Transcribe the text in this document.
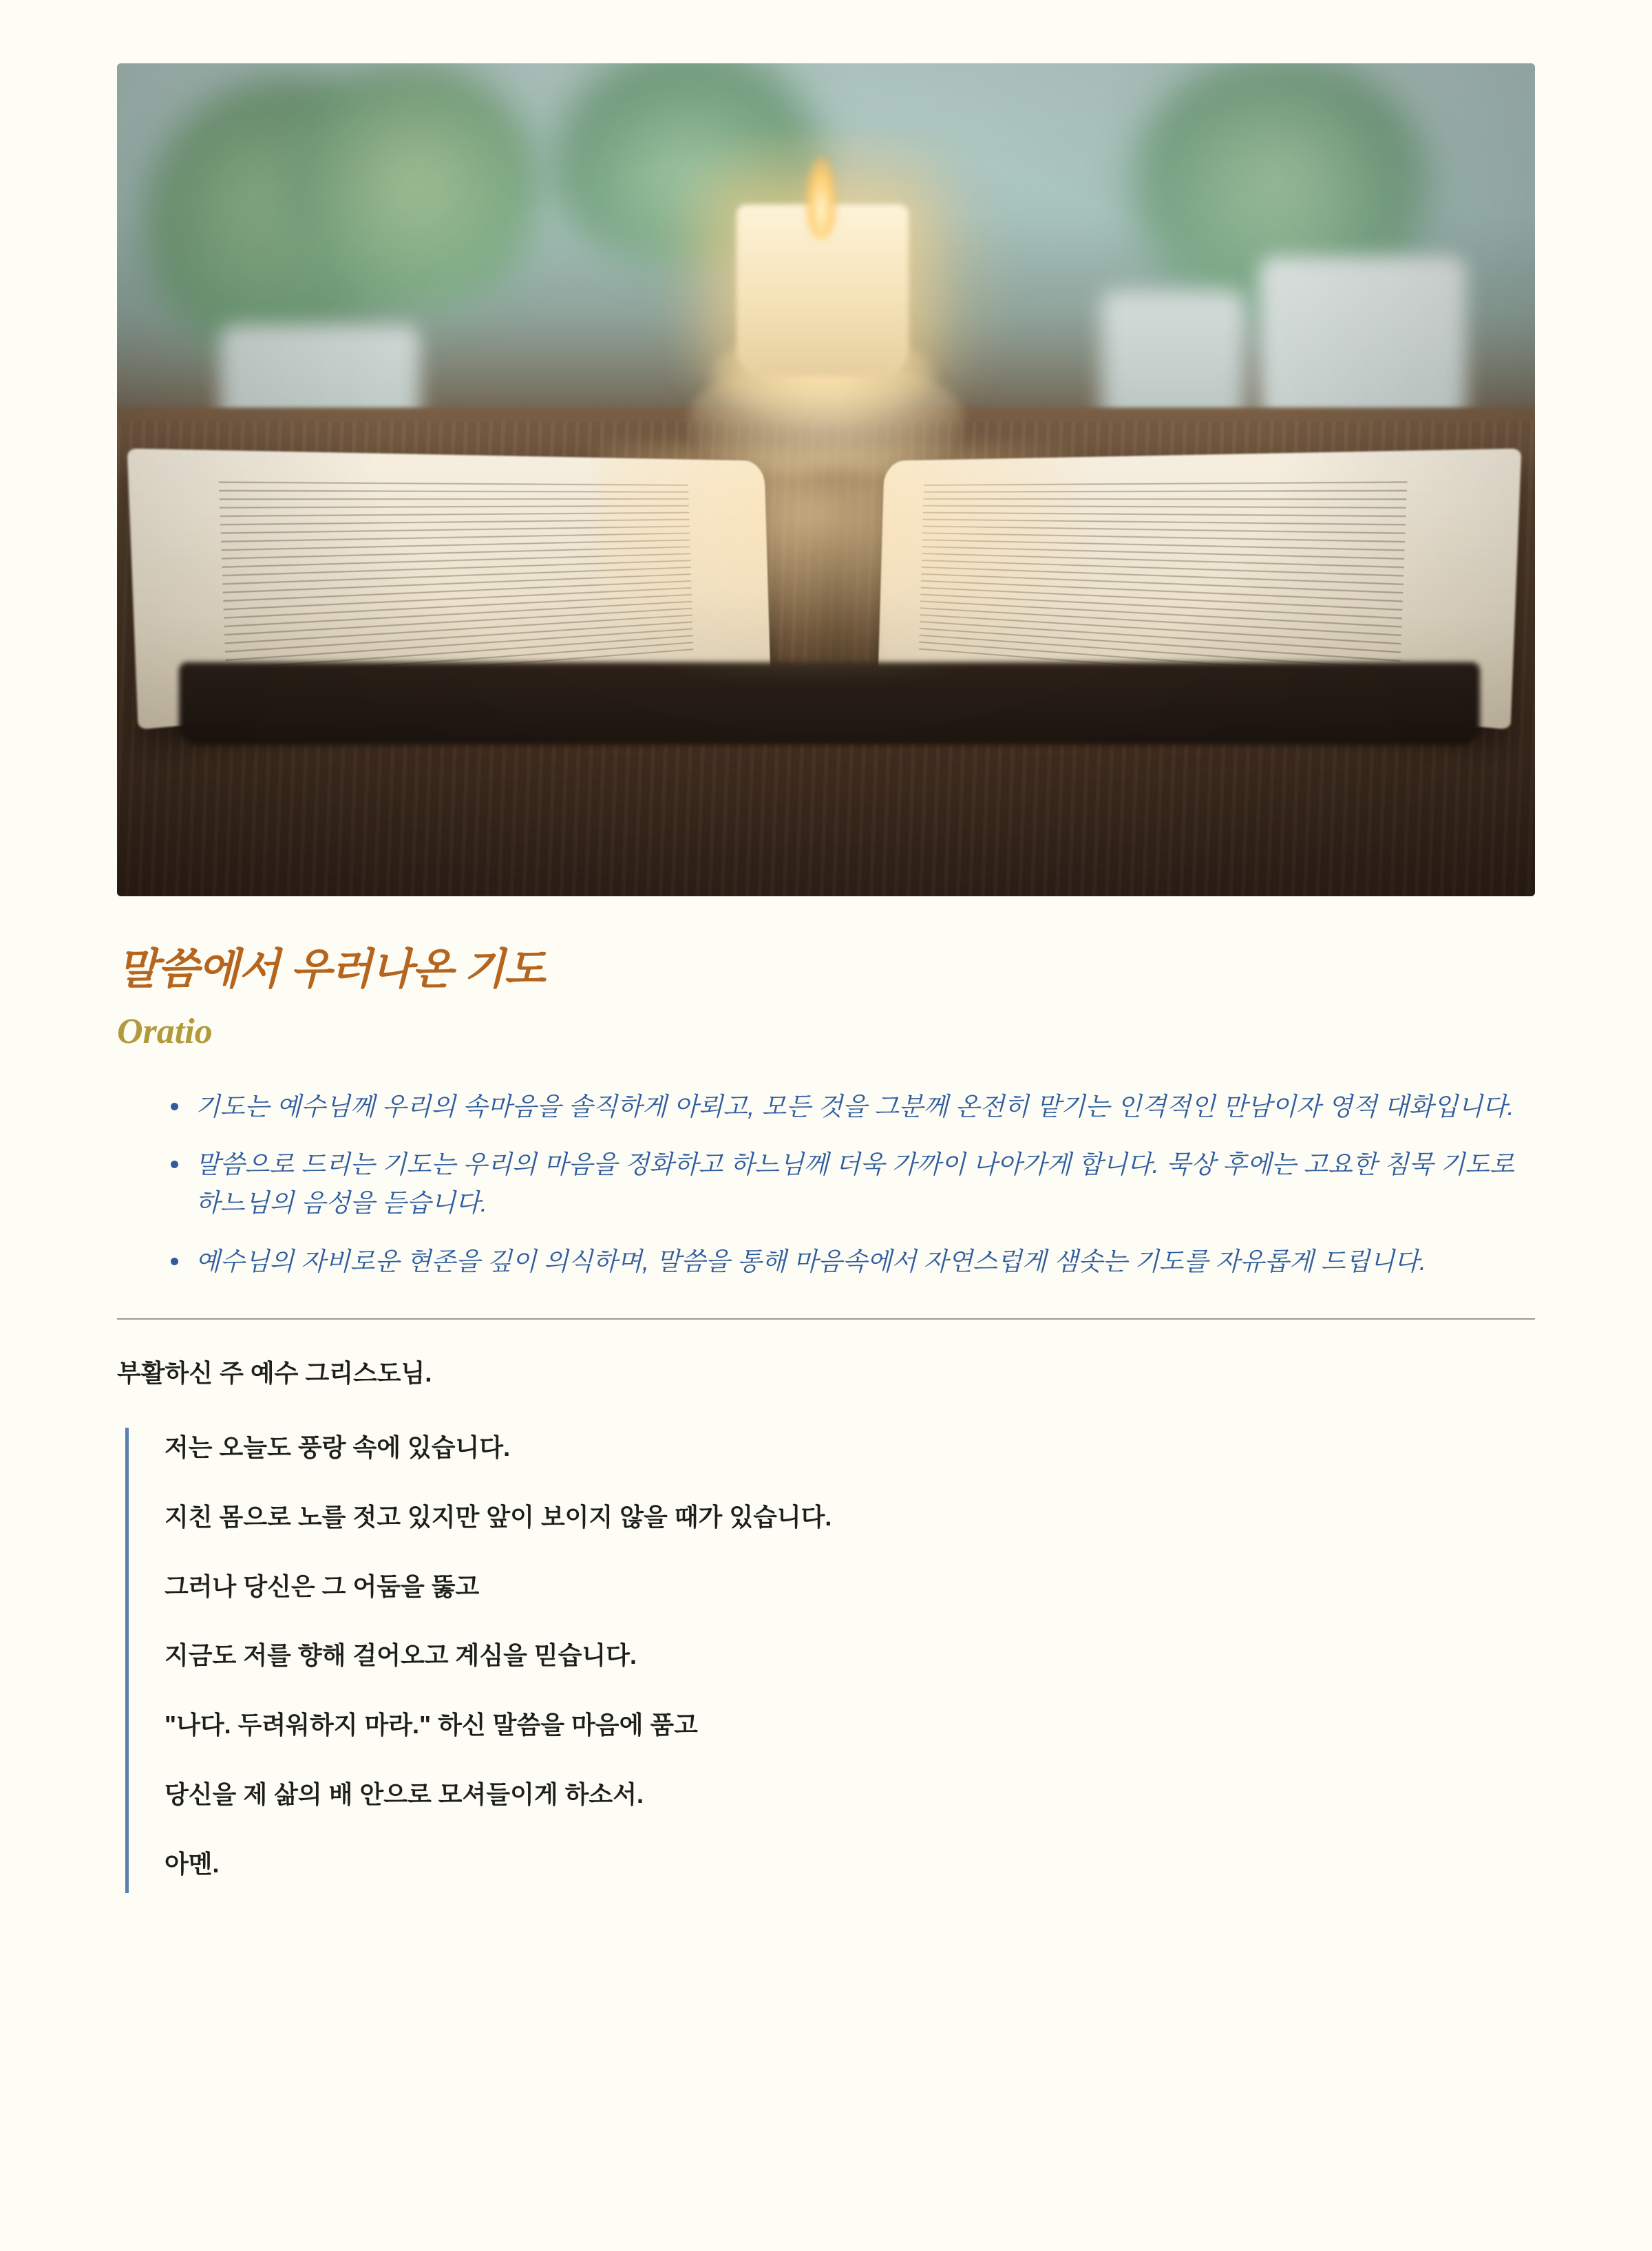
말씀에서 우러나온 기도
Oratio
기도는 예수님께 우리의 속마음을 솔직하게 아뢰고, 모든 것을 그분께 온전히 맡기는 인격적인 만남이자 영적 대화입니다.
말씀으로 드리는 기도는 우리의 마음을 정화하고 하느님께 더욱 가까이 나아가게 합니다. 묵상 후에는 고요한 침묵 기도로 하느님의 음성을 듣습니다.
예수님의 자비로운 현존을 깊이 의식하며, 말씀을 통해 마음속에서 자연스럽게 샘솟는 기도를 자유롭게 드립니다.

부활하신 주 예수 그리스도님.

저는 오늘도 풍랑 속에 있습니다.

지친 몸으로 노를 젓고 있지만 앞이 보이지 않을 때가 있습니다.

그러나 당신은 그 어둠을 뚫고

지금도 저를 향해 걸어오고 계심을 믿습니다.

"나다. 두려워하지 마라." 하신 말씀을 마음에 품고

당신을 제 삶의 배 안으로 모셔들이게 하소서.

아멘.
